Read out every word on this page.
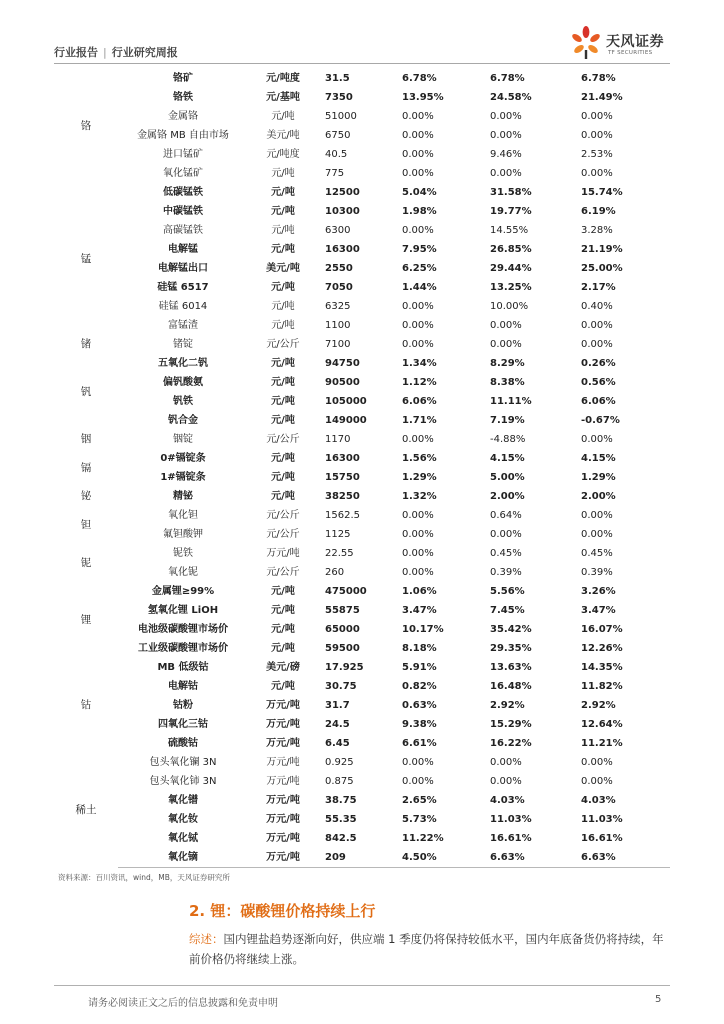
行业报告 | 行业研究周报
天风证券
TF SECURITIES
铬	铬矿	元/吨度	31.5	6.78%	6.78%	6.78%
	铬铁	元/基吨	7350	13.95%	24.58%	21.49%
	金属铬	元/吨	51000	0.00%	0.00%	0.00%
	金属铬 MB 自由市场	美元/吨	6750	0.00%	0.00%	0.00%
	进口锰矿	元/吨度	40.5	0.00%	9.46%	2.53%
	氧化锰矿	元/吨	775	0.00%	0.00%	0.00%
锰	低碳锰铁	元/吨	12500	5.04%	31.58%	15.74%
	中碳锰铁	元/吨	10300	1.98%	19.77%	6.19%
	高碳锰铁	元/吨	6300	0.00%	14.55%	3.28%
	电解锰	元/吨	16300	7.95%	26.85%	21.19%
	电解锰出口	美元/吨	2550	6.25%	29.44%	25.00%
	硅锰 6517	元/吨	7050	1.44%	13.25%	2.17%
	硅锰 6014	元/吨	6325	0.00%	10.00%	0.40%
	富锰渣	元/吨	1100	0.00%	0.00%	0.00%
锗	锗锭	元/公斤	7100	0.00%	0.00%	0.00%
钒	五氧化二钒	元/吨	94750	1.34%	8.29%	0.26%
	偏钒酸氨	元/吨	90500	1.12%	8.38%	0.56%
	钒铁	元/吨	105000	6.06%	11.11%	6.06%
	钒合金	元/吨	149000	1.71%	7.19%	-0.67%
铟	铟锭	元/公斤	1170	0.00%	-4.88%	0.00%
镉	0#镉锭条	元/吨	16300	1.56%	4.15%	4.15%
	1#镉锭条	元/吨	15750	1.29%	5.00%	1.29%
铋	精铋	元/吨	38250	1.32%	2.00%	2.00%
钽	氧化钽	元/公斤	1562.5	0.00%	0.64%	0.00%
	氟钽酸钾	元/公斤	1125	0.00%	0.00%	0.00%
铌	铌铁	万元/吨	22.55	0.00%	0.45%	0.45%
	氧化铌	元/公斤	260	0.00%	0.39%	0.39%
锂	金属锂≥99%	元/吨	475000	1.06%	5.56%	3.26%
	氢氧化锂 LiOH	元/吨	55875	3.47%	7.45%	3.47%
	电池级碳酸锂市场价	元/吨	65000	10.17%	35.42%	16.07%
	工业级碳酸锂市场价	元/吨	59500	8.18%	29.35%	12.26%
钴	MB 低级钴	美元/磅	17.925	5.91%	13.63%	14.35%
	电解钴	元/吨	30.75	0.82%	16.48%	11.82%
	钴粉	万元/吨	31.7	0.63%	2.92%	2.92%
	四氧化三钴	万元/吨	24.5	9.38%	15.29%	12.64%
	硫酸钴	万元/吨	6.45	6.61%	16.22%	11.21%
稀土	包头氧化镧 3N	万元/吨	0.925	0.00%	0.00%	0.00%
	包头氧化铈 3N	万元/吨	0.875	0.00%	0.00%	0.00%
	氧化镨	万元/吨	38.75	2.65%	4.03%	4.03%
	氧化钕	万元/吨	55.35	5.73%	11.03%	11.03%
	氧化铽	万元/吨	842.5	11.22%	16.61%	16.61%
	氧化镝	万元/吨	209	4.50%	6.63%	6.63%
资料来源：百川资讯，wind，MB，天风证券研究所
2. 锂：碳酸锂价格持续上行
综述：国内锂盐趋势逐渐向好，供应端 1 季度仍将保持较低水平，国内年底备货仍将持续，年前价格仍将继续上涨。
请务必阅读正文之后的信息披露和免责申明	5
